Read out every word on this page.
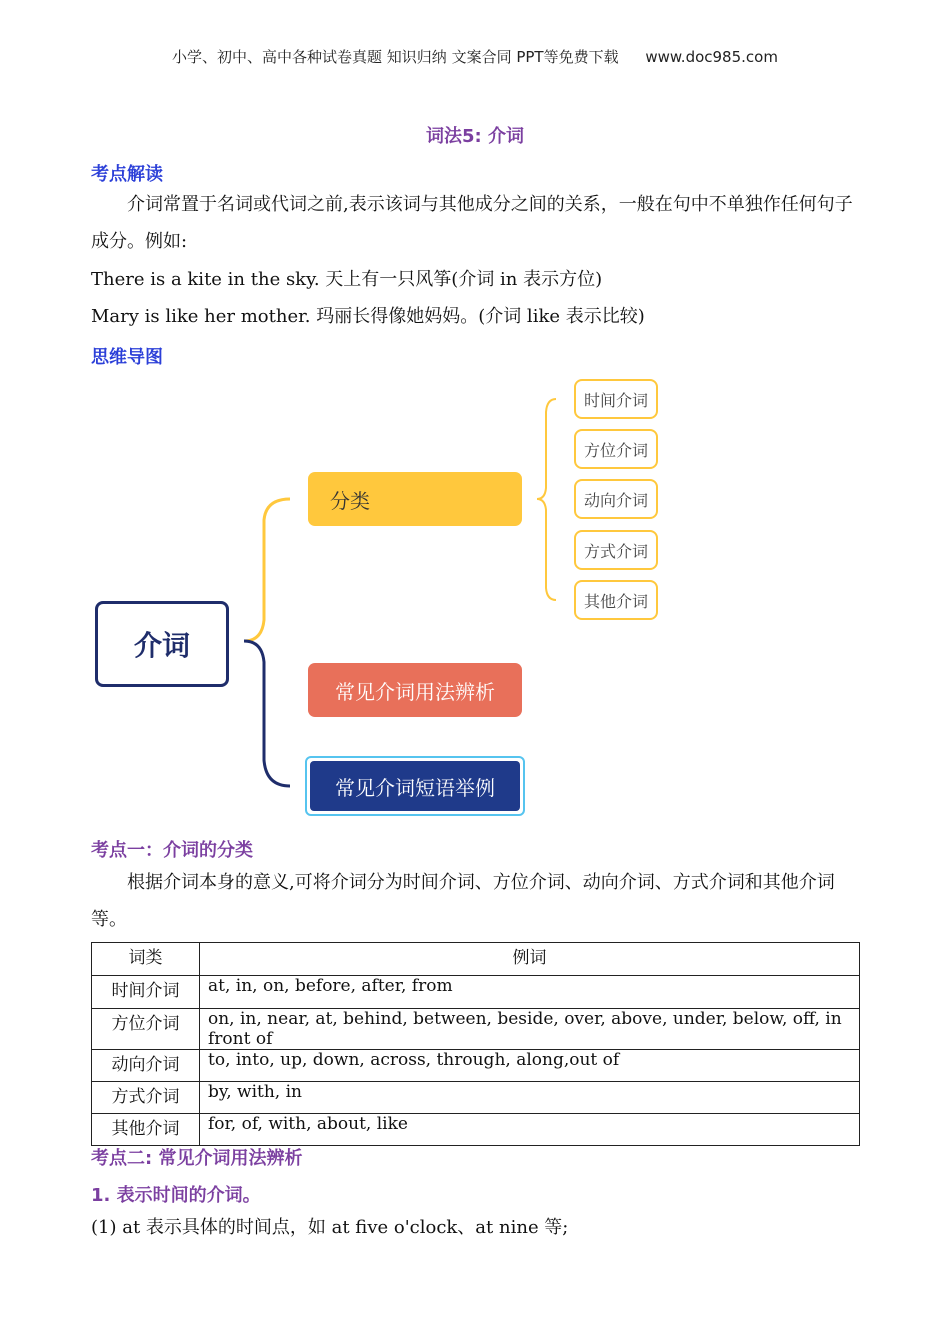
小学、初中、高中各种试卷真题 知识归纳 文案合同 PPT等免费下载 www.doc985.com
词法5: 介词
考点解读
介词常置于名词或代词之前,表示该词与其他成分之间的关系，一般在句中不单独作任何句子成分。例如:
There is a kite in the sky. 天上有一只风筝(介词 in 表示方位)
Mary is like her mother. 玛丽长得像她妈妈。(介词 like 表示比较)
思维导图
介词
分类
常见介词用法辨析
常见介词短语举例
时间介词
方位介词
动向介词
方式介词
其他介词
考点一：介词的分类
根据介词本身的意义,可将介词分为时间介词、方位介词、动向介词、方式介词和其他介词等。
词类	例词
时间介词	at, in, on, before, after, from
方位介词	on, in, near, at, behind, between, beside, over, above, under, below, off, in front of
动向介词	to, into, up, down, across, through, along,out of
方式介词	by, with, in
其他介词	for, of, with, about, like
考点二: 常见介词用法辨析
1. 表示时间的介词。
(1) at 表示具体的时间点，如 at five o'clock、at nine 等;
